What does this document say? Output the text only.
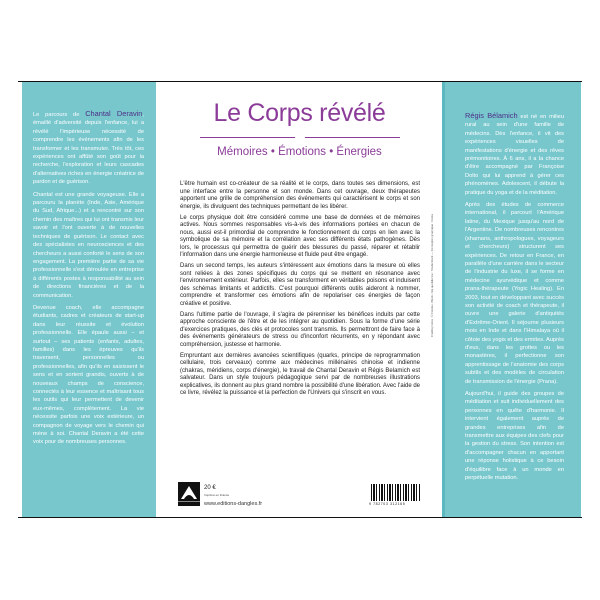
Le parcours de Chantal Deravin, émaillé d'adversité depuis l'enfance, lui a révélé l'impérieuse nécessité de comprendre les événements afin de les transformer et les transmuter. Très tôt, ces expériences ont affûté son goût pour la recherche, l'exploration et leurs cascades d'alternatives riches en énergie créatrice de pardon et de guérison.

Chantal est une grande voyageuse. Elle a parcouru la planète (Inde, Asie, Amérique du Sud, Afrique...) et a rencontré sur son chemin des maîtres qui lui ont transmis leur savoir et l'ont ouverte à de nouvelles techniques de guérison. Le contact avec des spécialistes en neurosciences et des chercheurs a aussi conforté le sens de son engagement. La première partie de sa vie professionnelle s'est déroulée en entreprise à différents postes à responsabilité au sein de directions financières et de la communication.

Devenue coach, elle accompagne étudiants, cadres et créateurs de start-up dans leur réussite et évolution professionnelle. Elle épaule aussi – et surtout – ses patients (enfants, adultes, familles) dans les épreuves qu'ils traversent, personnelles ou professionnelles, afin qu'ils en saisissent le sens et en sortent grandis, ouverts à de nouveaux champs de conscience, connectés à leur essence et maîtrisant tous les outils qui leur permettent de devenir eux-mêmes, complètement. La vie nécessite parfois une voix extérieure, un compagnon de voyage vers le chemin qui mène à soi. Chantal Deravin a été cette voix pour de nombreuses personnes.

Le Corps révélé
Mémoires • Émotions • Énergies

L'être humain est co-créateur de sa réalité et le corps, dans toutes ses dimensions, est une interface entre la personne et son monde. Dans cet ouvrage, deux thérapeutes apportent une grille de compréhension des événements qui caractérisent le corps et son énergie, ils divulguent des techniques permettant de les libérer.

Le corps physique doit être considéré comme une base de données et de mémoires actives. Nous sommes responsables vis-à-vis des informations portées en chacun de nous, aussi est-il primordial de comprendre le fonctionnement du corps en lien avec la symbolique de sa mémoire et la corrélation avec ses différents états pathogènes. Dès lors, le processus qui permettra de guérir des blessures du passé, réparer et rétablir l'information dans une énergie harmonieuse et fluide peut être engagé.

Dans un second temps, les auteurs s'intéressent aux émotions dans la mesure où elles sont reliées à des zones spécifiques du corps qui se mettent en résonance avec l'environnement extérieur. Parfois, elles se transforment en véritables poisons et induisent des schémas limitants et addictifs. C'est pourquoi différents outils aideront à nommer, comprendre et transformer ces émotions afin de repolariser ces énergies de façon créative et positive.

Dans l'ultime partie de l'ouvrage, il s'agira de pérenniser les bénéfices induits par cette approche consciente de l'être et de les intégrer au quotidien. Sous la forme d'une série d'exercices pratiques, des clés et protocoles sont transmis. Ils permettront de faire face à des événements générateurs de stress ou d'inconfort récurrents, en y répondant avec compréhension, justesse et harmonie.

Empruntant aux dernières avancées scientifiques (quarks, principe de reprogrammation cellulaire, trois cerveaux) comme aux médecines millénaires chinoise et indienne (chakras, méridiens, corps d'énergie), le travail de Chantal Deravin et Régis Belamich est salvateur. Dans un style toujours pédagogique servi par de nombreuses illustrations explicatives, ils donnent au plus grand nombre la possibilité d'une libération. Avec l'aide de ce livre, révélez la puissance et la perfection de l'Univers qui s'inscrit en vous.

20 €
Imprimé en France
www.editions-dangles.fr	9 782703 312165
Crédits photos : © Fotolia • iStock • Vie quotidienne : Shutterstock — Conception graphique : Costa

Régis Bélamich est né en milieu rural au sein d'une famille de médecins. Dès l'enfance, il vit des expériences visuelles de manifestations d'énergie et des rêves prémonitoires. À 6 ans, il a la chance d'être accompagné par Françoise Dolto qui lui apprend à gérer ces phénomènes. Adolescent, il débute la pratique du yoga et de la méditation.

Après des études de commerce international, il parcourt l'Amérique latine, du Mexique jusqu'au nord de l'Argentine. De nombreuses rencontres (shamans, anthropologues, voyageurs et chercheurs) structurent ses expériences. De retour en France, en parallèle d'une carrière dans le secteur de l'industrie du luxe, il se forme en médecine ayurvédique et comme prana-thérapeute (Yogic Healing). En 2003, tout en développant avec succès son activité de coach et thérapeute, il ouvre une galerie d'antiquités d'Extrême-Orient. Il séjourne plusieurs mois en Inde et dans l'Himalaya où il côtoie des yogis et des ermites. Auprès d'eux, dans les grottes ou les monastères, il perfectionne son apprentissage de l'anatomie des corps subtils et des modèles de circulation de transmission de l'énergie (Prana).

Aujourd'hui, il guide des groupes de méditation et suit individuellement des personnes en quête d'harmonie. Il intervient également auprès de grandes entreprises afin de transmettre aux équipes des clefs pour la gestion du stress. Son intention est d'accompagner chacun en apportant une réponse holistique à ce besoin d'équilibre face à un monde en perpétuelle mutation.
